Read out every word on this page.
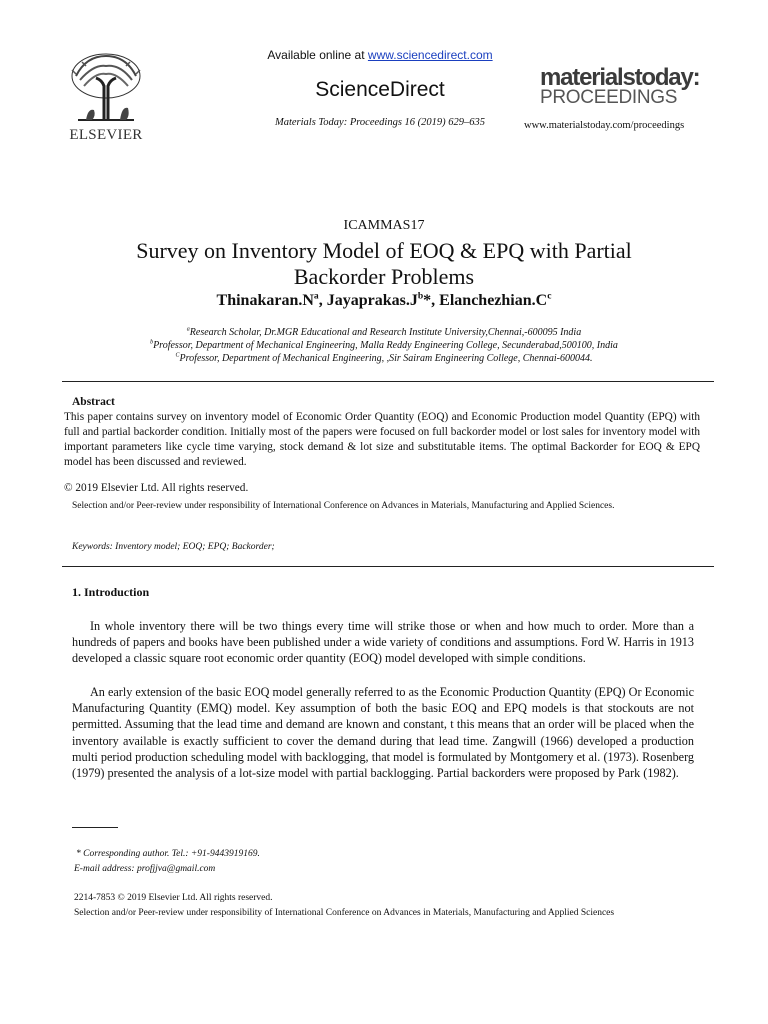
ELSEVIER
Available online at www.sciencedirect.com
ScienceDirect
Materials Today: Proceedings 16 (2019) 629–635
materialstoday:
PROCEEDINGS
www.materialstoday.com/proceedings
ICAMMAS17
Survey on Inventory Model of EOQ & EPQ with Partial
Backorder Problems
$Thinakaran.N^a$, $Jayaprakas.J^b*$, $Elanchezhian.C^c$
$^a$Research Scholar, Dr.MGR Educational and Research Institute University,Chennai,-600095 India
$^b$Professor, Department of Mechanical Engineering, Malla Reddy Engineering College, Secunderabad,500100, India
$^C$Professor, Department of Mechanical Engineering, ,Sir Sairam Engineering College, Chennai-600044.
Abstract

This paper contains survey on inventory model of Economic Order Quantity (EOQ) and Economic Production model Quantity (EPQ) with full and partial backorder condition. Initially most of the papers were focused on full backorder model or lost sales for inventory model with important parameters like cycle time varying, stock demand & lot size and substitutable items. The optimal Backorder for EOQ & EPQ model has been discussed and reviewed.

© 2019 Elsevier Ltd. All rights reserved.

Selection and/or Peer-review under responsibility of International Conference on Advances in Materials, Manufacturing and Applied Sciences.

Keywords: Inventory model; EOQ; EPQ; Backorder;
1. Introduction

In whole inventory there will be two things every time will strike those or when and how much to order. More than a hundreds of papers and books have been published under a wide variety of conditions and assumptions. Ford W. Harris in 1913 developed a classic square root economic order quantity (EOQ) model developed with simple conditions.

An early extension of the basic EOQ model generally referred to as the Economic Production Quantity (EPQ) Or Economic Manufacturing Quantity (EMQ) model. Key assumption of both the basic EOQ and EPQ models is that stockouts are not permitted. Assuming that the lead time and demand are known and constant, t this means that an order will be placed when the inventory available is exactly sufficient to cover the demand during that lead time. Zangwill (1966) developed a production multi period production scheduling model with backlogging, that model is formulated by Montgomery et al. (1973). Rosenberg (1979) presented the analysis of a lot-size model with partial backlogging. Partial backorders were proposed by Park (1982).

* Corresponding author. Tel.: +91-9443919169.
E-mail address: profjjva@gmail.com
2214-7853 © 2019 Elsevier Ltd. All rights reserved.

Selection and/or Peer-review under responsibility of International Conference on Advances in Materials, Manufacturing and Applied Sciences
